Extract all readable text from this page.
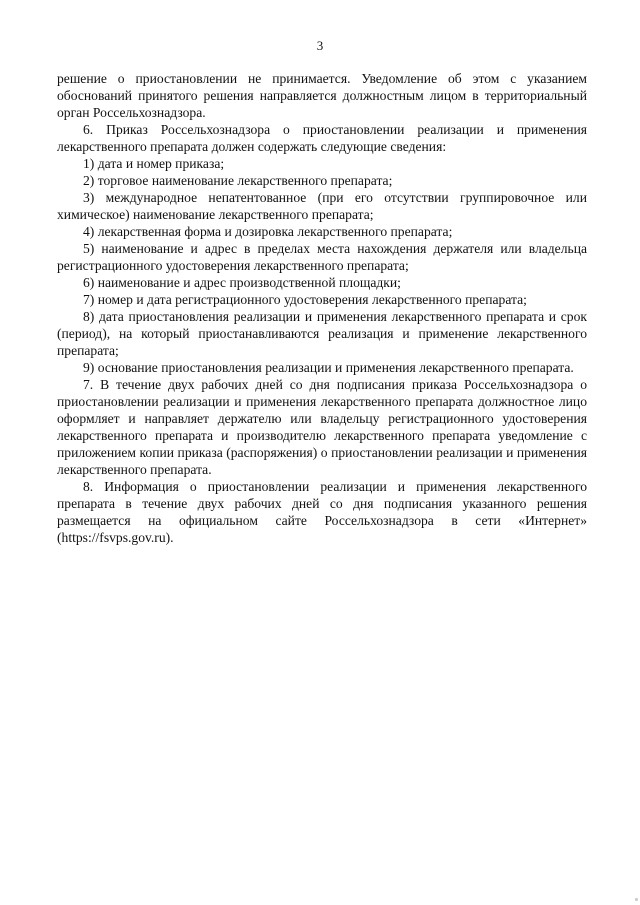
3

решение о приостановлении не принимается. Уведомление об этом с указанием обоснований принятого решения направляется должностным лицом в территориальный орган Россельхознадзора.

6. Приказ Россельхознадзора о приостановлении реализации и применения лекарственного препарата должен содержать следующие сведения:

1) дата и номер приказа;

2) торговое наименование лекарственного препарата;

3) международное непатентованное (при его отсутствии группировочное или химическое) наименование лекарственного препарата;

4) лекарственная форма и дозировка лекарственного препарата;

5) наименование и адрес в пределах места нахождения держателя или владельца регистрационного удостоверения лекарственного препарата;

6) наименование и адрес производственной площадки;

7) номер и дата регистрационного удостоверения лекарственного препарата;

8) дата приостановления реализации и применения лекарственного препарата и срок (период), на который приостанавливаются реализация и применение лекарственного препарата;

9) основание приостановления реализации и применения лекарственного препарата.

7. В течение двух рабочих дней со дня подписания приказа Россельхознадзора о приостановлении реализации и применения лекарственного препарата должностное лицо оформляет и направляет держателю или владельцу регистрационного удостоверения лекарственного препарата и производителю лекарственного препарата уведомление с приложением копии приказа (распоряжения) о приостановлении реализации и применения лекарственного препарата.

8. Информация о приостановлении реализации и применения лекарственного препарата в течение двух рабочих дней со дня подписания указанного решения размещается на официальном сайте Россельхознадзора в сети «Интернет» (https://fsvps.gov.ru).
